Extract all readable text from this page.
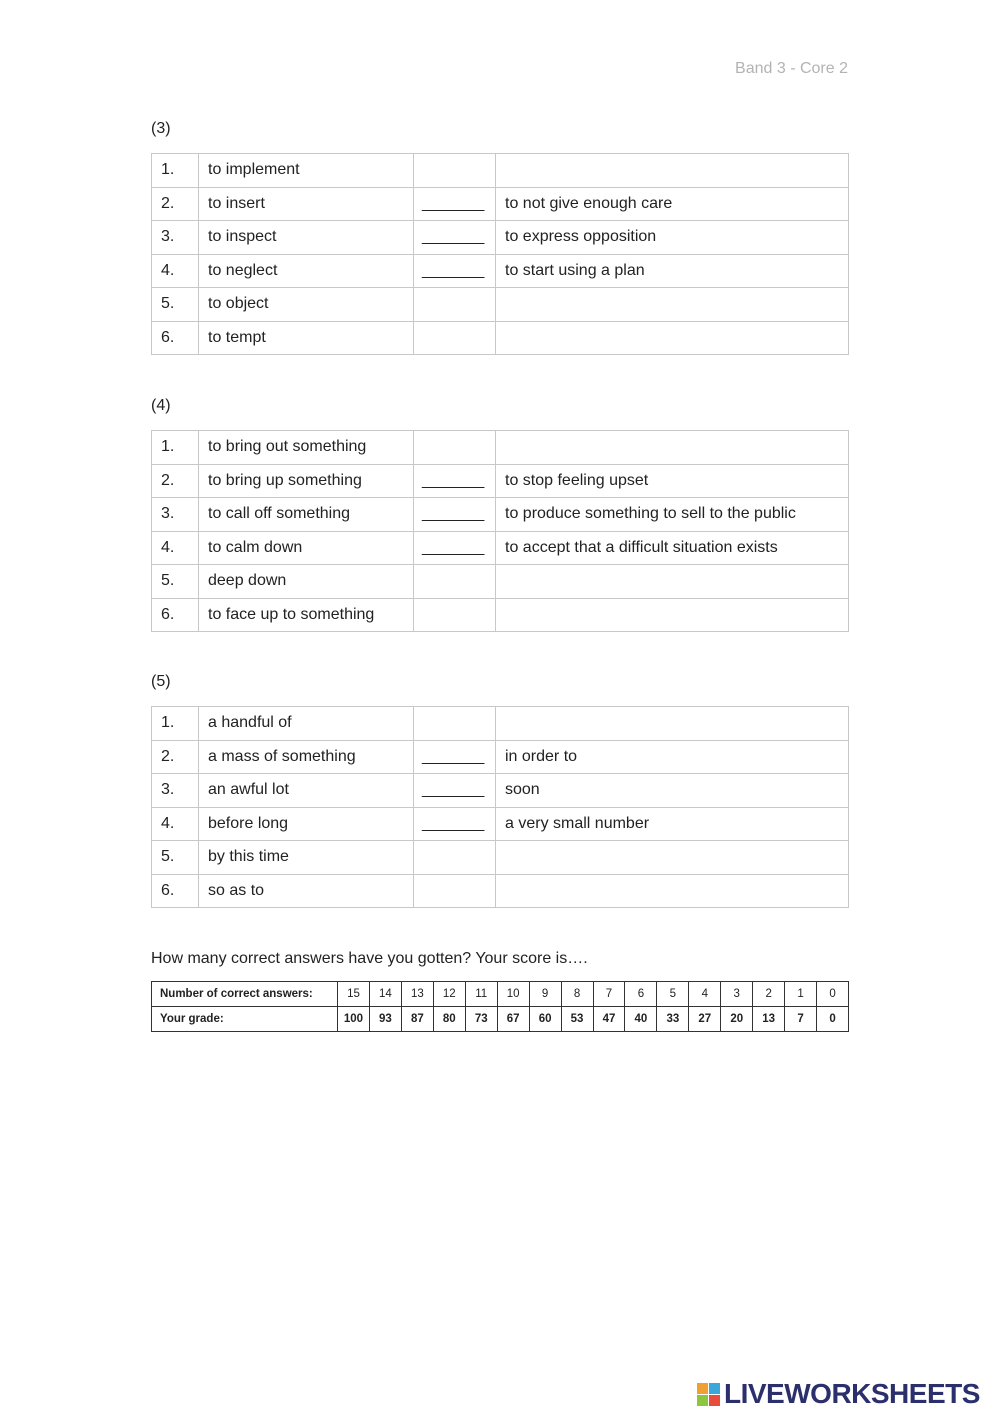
Band 3 - Core 2
(3)
1.	to implement		
2.	to insert	_______	to not give enough care
3.	to inspect	_______	to express opposition
4.	to neglect	_______	to start using a plan
5.	to object		
6.	to tempt		
(4)
1.	to bring out something		
2.	to bring up something	_______	to stop feeling upset
3.	to call off something	_______	to produce something to sell to the public
4.	to calm down	_______	to accept that a difficult situation exists
5.	deep down		
6.	to face up to something		
(5)
1.	a handful of		
2.	a mass of something	_______	in order to
3.	an awful lot	_______	soon
4.	before long	_______	a very small number
5.	by this time		
6.	so as to		
How many correct answers have you gotten? Your score is….
Number of correct answers:	15	14	13	12	11	10	9	8	7	6	5	4	3	2	1	0
Your grade:	100	93	87	80	73	67	60	53	47	40	33	27	20	13	7	0
LIVEWORKSHEETS
